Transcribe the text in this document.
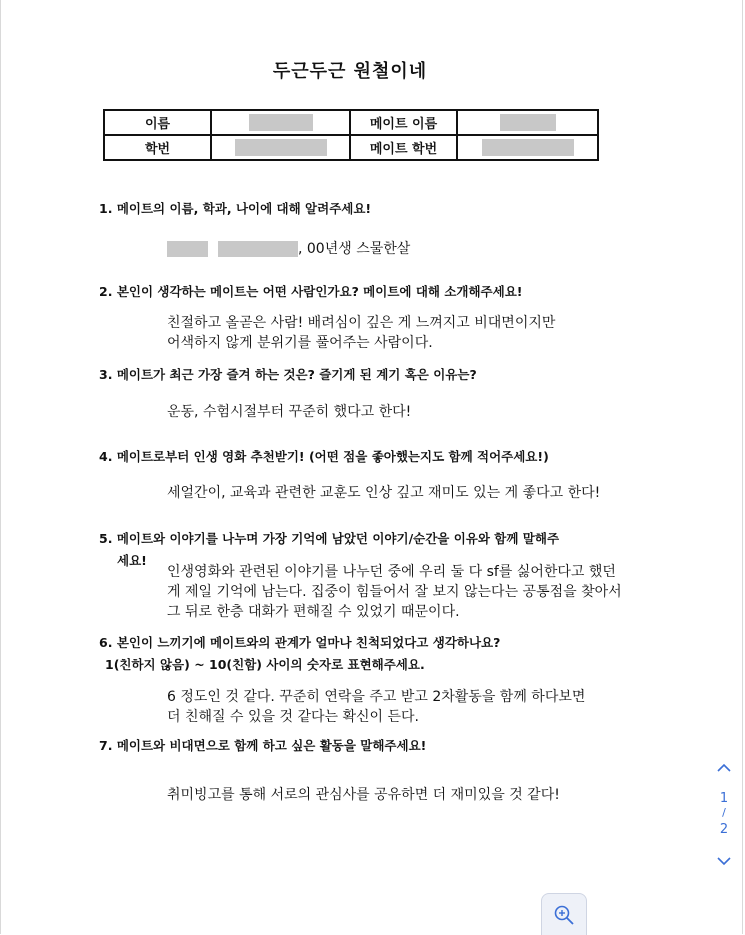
두근두근 원철이네
이름		메이트 이름	
학번		메이트 학번	
1. 메이트의 이름, 학과, 나이에 대해 알려주세요!

, 00년생 스물한살

2. 본인이 생각하는 메이트는 어떤 사람인가요? 메이트에 대해 소개해주세요!

친절하고 올곧은 사람! 배려심이 깊은 게 느껴지고 비대면이지만

어색하지 않게 분위기를 풀어주는 사람이다.

3. 메이트가 최근 가장 즐겨 하는 것은? 즐기게 된 계기 혹은 이유는?

운동, 수험시절부터 꾸준히 했다고 한다!

4. 메이트로부터 인생 영화 추천받기! (어떤 점을 좋아했는지도 함께 적어주세요!)

세얼간이, 교육과 관련한 교훈도 인상 깊고 재미도 있는 게 좋다고 한다!

5. 메이트와 이야기를 나누며 가장 기억에 남았던 이야기/순간을 이유와 함께 말해주
세요!

인생영화와 관련된 이야기를 나누던 중에 우리 둘 다 sf를 싫어한다고 했던

게 제일 기억에 남는다. 집중이 힘들어서 잘 보지 않는다는 공통점을 찾아서

그 뒤로 한층 대화가 편해질 수 있었기 때문이다.

6. 본인이 느끼기에 메이트와의 관계가 얼마나 친척되었다고 생각하나요?
1(친하지 않음) ~ 10(친함) 사이의 숫자로 표현해주세요.

6 정도인 것 같다. 꾸준히 연락을 주고 받고 2차활동을 함께 하다보면

더 친해질 수 있을 것 같다는 확신이 든다.

7. 메이트와 비대면으로 함께 하고 싶은 활동을 말해주세요!

취미빙고를 통해 서로의 관심사를 공유하면 더 재미있을 것 같다!	1
/
2
